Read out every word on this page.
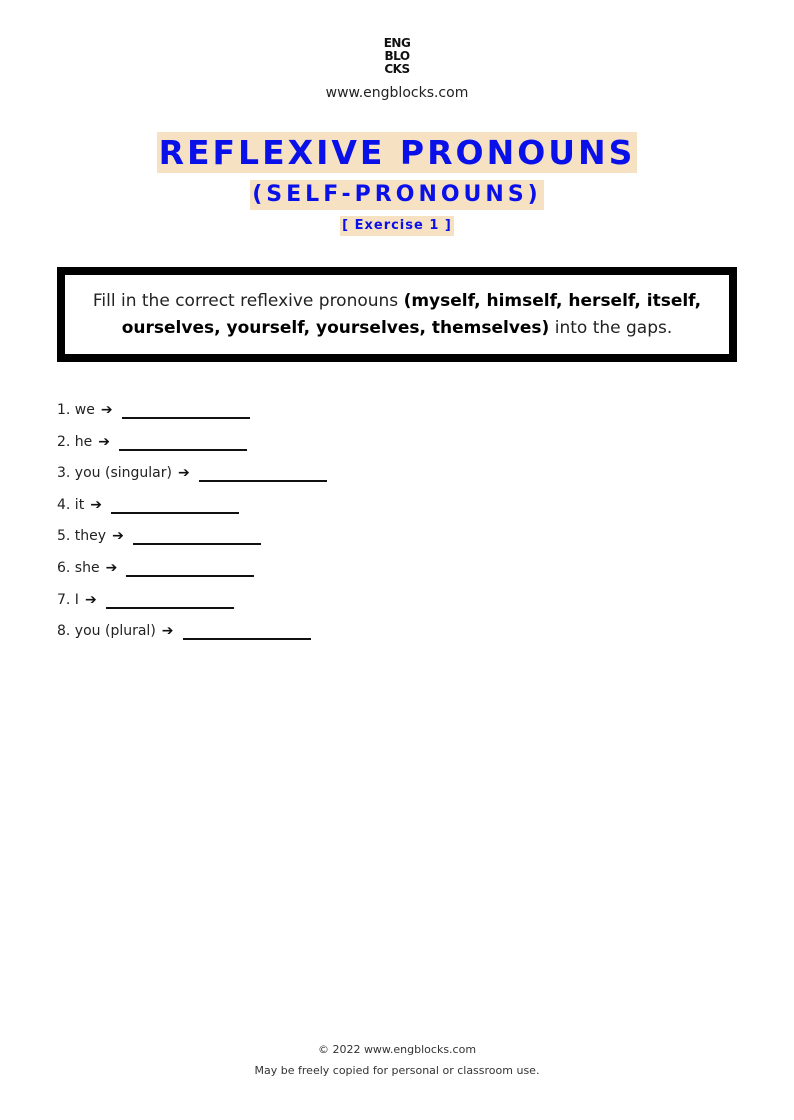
ENG
BLO
CKS
www.engblocks.com
REFLEXIVE PRONOUNS
(SELF-PRONOUNS)
[ Exercise 1 ]
Fill in the correct reflexive pronouns (myself, himself, herself, itself,
ourselves, yourself, yourselves, themselves) into the gaps.
1. we ➔
2. he ➔
3. you (singular) ➔
4. it ➔
5. they ➔
6. she ➔
7. I ➔
8. you (plural) ➔
© 2022 www.engblocks.com
May be freely copied for personal or classroom use.
